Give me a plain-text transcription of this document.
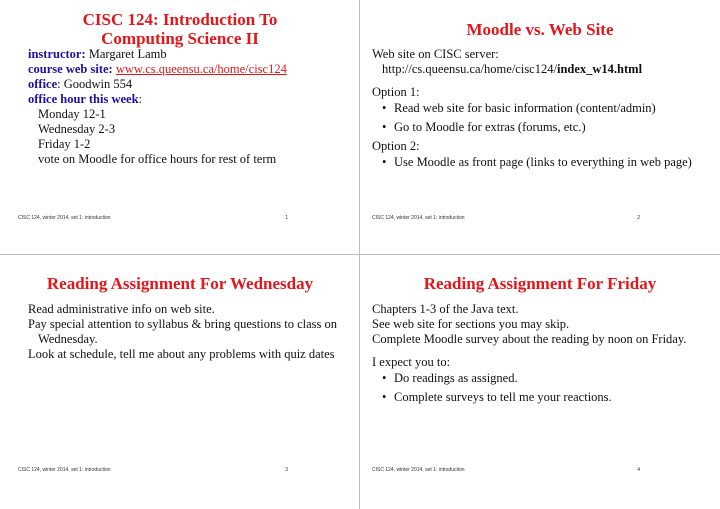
CISC 124: Introduction To
Computing Science II

instructor: Margaret Lamb

course web site: www.cs.queensu.ca/home/cisc124

office: Goodwin 554

office hour this week:

Monday 12-1

Wednesday 2-3

Friday 1-2

vote on Moodle for office hours for rest of term

CISC 124, winter 2014, set 1: introduction	1
Moodle vs. Web Site

Web site on CISC server:

http://cs.queensu.ca/home/cisc124/index_w14.html

Option 1:

• Read web site for basic information (content/admin)
• Go to Moodle for extras (forums, etc.)

Option 2:

• Use Moodle as front page (links to everything in web page)
CISC 124, winter 2014, set 1: introduction	2
Reading Assignment For Wednesday

Read administrative info on web site.

Pay special attention to syllabus & bring questions to class on Wednesday.

Look at schedule, tell me about any problems with quiz dates

CISC 124, winter 2014, set 1: introduction	3
Reading Assignment For Friday

Chapters 1-3 of the Java text.

See web site for sections you may skip.

Complete Moodle survey about the reading by noon on Friday.

I expect you to:

• Do readings as assigned.
• Complete surveys to tell me your reactions.
CISC 124, winter 2014, set 1: introduction	4
